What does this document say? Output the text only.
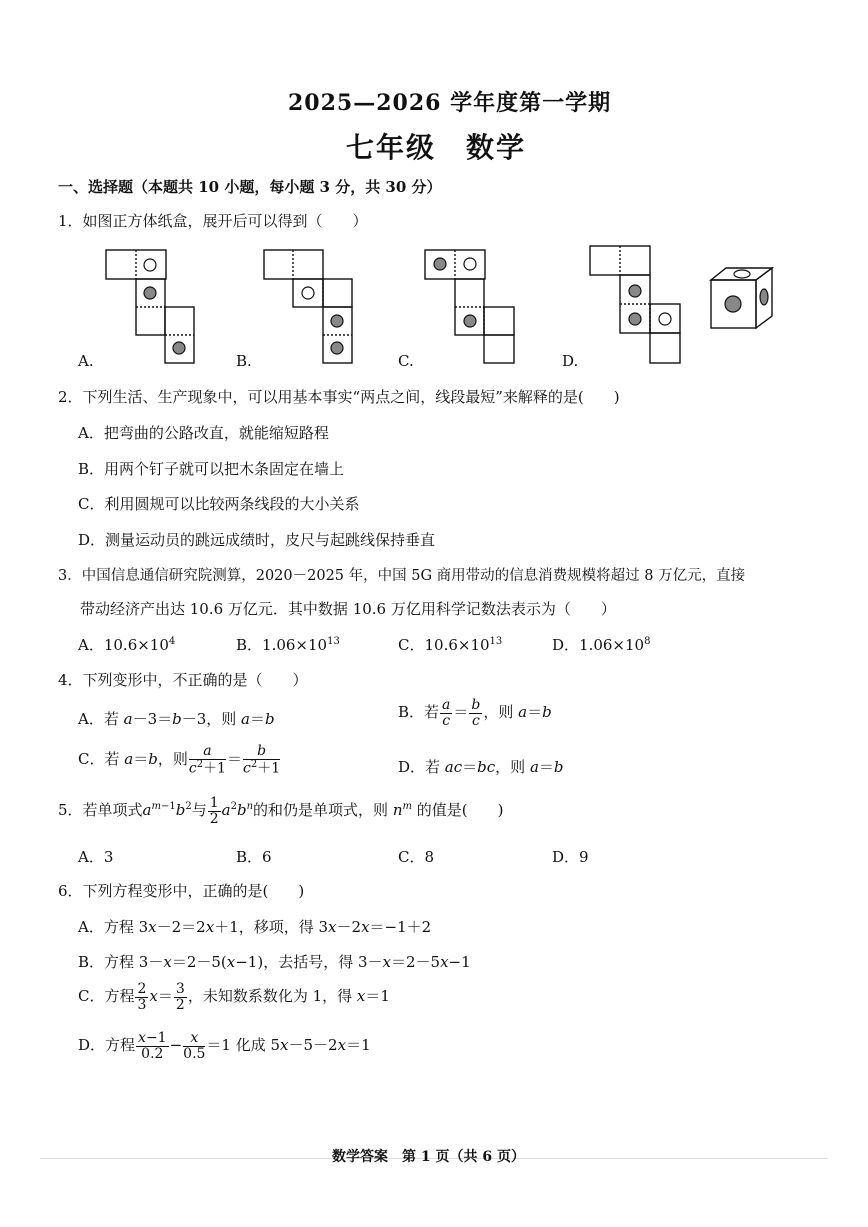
2025—2026 学年度第一学期
七年级　数学
一、选择题（本题共 10 小题，每小题 3 分，共 30 分）
1．如图正方体纸盒，展开后可以得到（　　）
A.	B.	C.	D.
2．下列生活、生产现象中，可以用基本事实“两点之间，线段最短”来解释的是(　　)
A．把弯曲的公路改直，就能缩短路程
B．用两个钉子就可以把木条固定在墙上
C．利用圆规可以比较两条线段的大小关系
D．测量运动员的跳远成绩时，皮尺与起跳线保持垂直
3．中国信息通信研究院测算，2020－2025 年，中国 5G 商用带动的信息消费规模将超过 8 万亿元，直接
带动经济产出达 10.6 万亿元．其中数据 10.6 万亿用科学记数法表示为（　　）
A．$10.6\times 10^4$	B．$1.06\times 10^{13}$	C．$10.6\times 10^{13}$	D．$1.06\times 10^8$
4．下列变形中，不正确的是（　　）
A．若 a－3＝b－3，则 a＝b	B．若 $\frac{a}{c} = \frac{b}{c}$ ，则 a＝b
C．若 a＝b，则 $\frac{a}{c^2+1} = \frac{b}{c^2+1}$	D．若 ac＝bc，则 a＝b
5．若单项式$a^{m-1}b^2$与 $\frac{1}{2} a^2b^n$的和仍是单项式，则 $n^m$ 的值是(　　)
A．3	B．6	C．8	D．9
6．下列方程变形中，正确的是(　　)
A．方程 3x－2＝2x＋1，移项，得 3x－2x＝−1＋2
B．方程 3－x＝2－5(x−1)，去括号，得 3－x＝2－5x−1
C．方程 $\frac{2}{3} x= \frac{3}{2}$ ，未知数系数化为 1，得 x＝1
D．方程 $\frac{x-1}{0.2} - \frac{x}{0.5} =1$ 化成 5x－5－2x＝1
数学答案　第 1 页（共 6 页）
